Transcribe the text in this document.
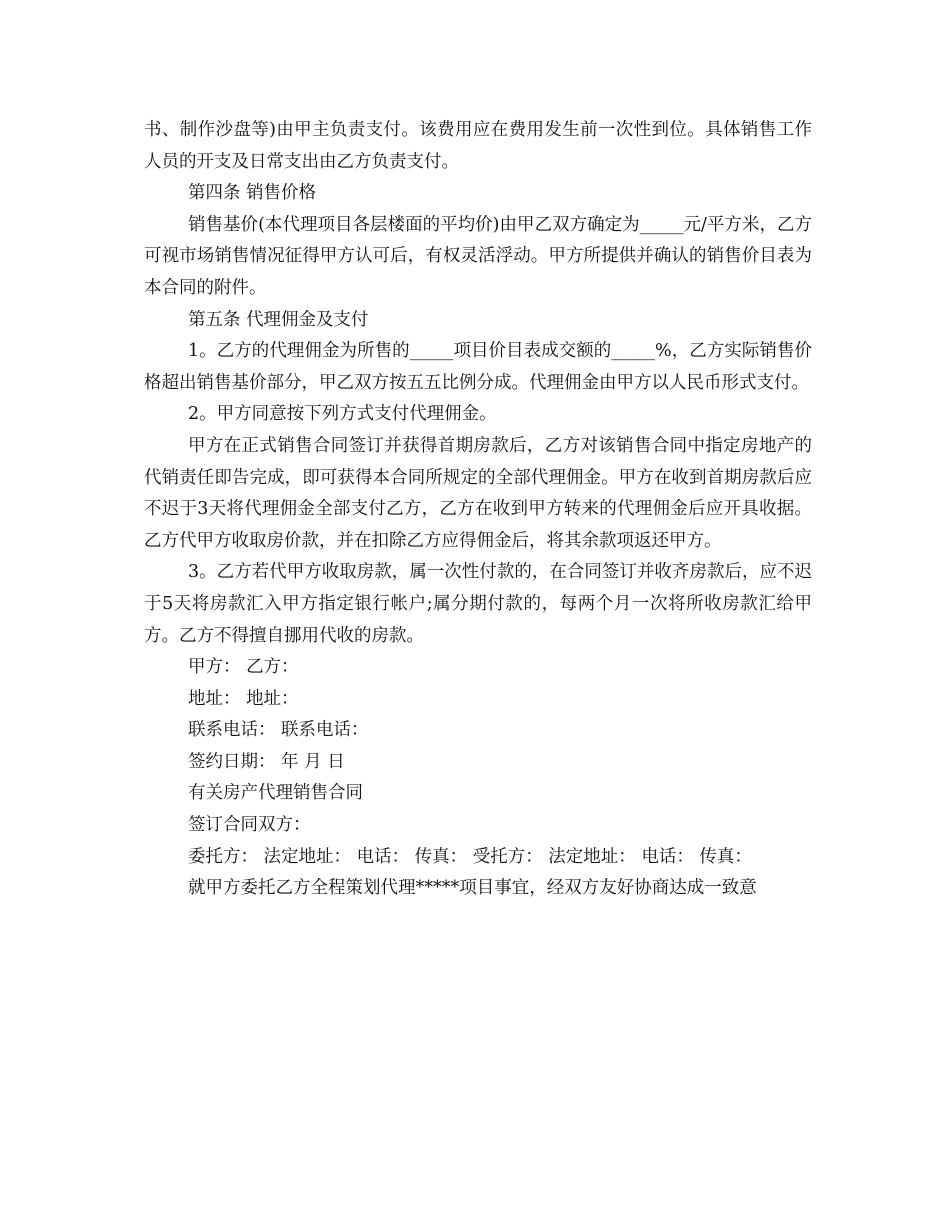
书、制作沙盘等)由甲主负责支付。该费用应在费用发生前一次性到位。具体销售工作人员的开支及日常支出由乙方负责支付。

第四条 销售价格

销售基价(本代理项目各层楼面的平均价)由甲乙双方确定为_____元/平方米，乙方可视市场销售情况征得甲方认可后，有权灵活浮动。甲方所提供并确认的销售价目表为本合同的附件。

第五条 代理佣金及支付

1。乙方的代理佣金为所售的_____项目价目表成交额的_____%，乙方实际销售价格超出销售基价部分，甲乙双方按五五比例分成。代理佣金由甲方以人民币形式支付。

2。甲方同意按下列方式支付代理佣金。

甲方在正式销售合同签订并获得首期房款后，乙方对该销售合同中指定房地产的代销责任即告完成，即可获得本合同所规定的全部代理佣金。甲方在收到首期房款后应不迟于3天将代理佣金全部支付乙方，乙方在收到甲方转来的代理佣金后应开具收据。乙方代甲方收取房价款，并在扣除乙方应得佣金后，将其余款项返还甲方。

3。乙方若代甲方收取房款，属一次性付款的，在合同签订并收齐房款后，应不迟于5天将房款汇入甲方指定银行帐户;属分期付款的，每两个月一次将所收房款汇给甲方。乙方不得擅自挪用代收的房款。

甲方： 乙方：

地址： 地址：

联系电话： 联系电话：

签约日期： 年 月 日

有关房产代理销售合同

签订合同双方：

委托方： 法定地址： 电话： 传真： 受托方： 法定地址： 电话： 传真：

就甲方委托乙方全程策划代理*****项目事宜，经双方友好协商达成一致意
